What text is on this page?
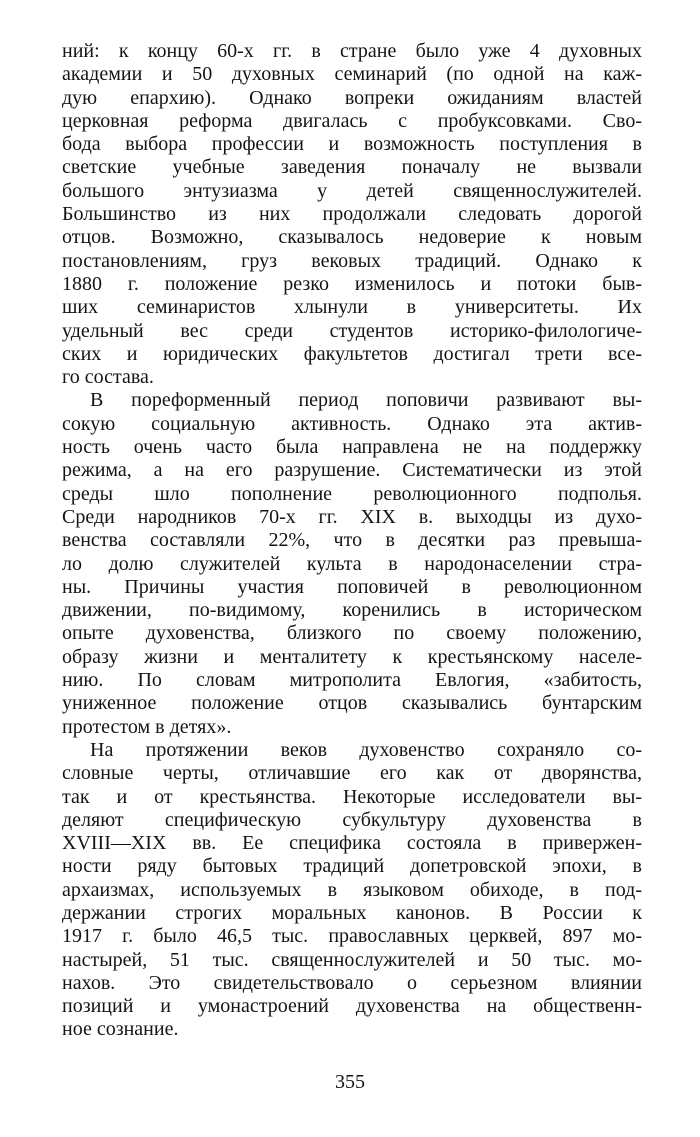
ний: к концу 60-х гг. в стране было уже 4 духовных
академии и 50 духовных семинарий (по одной на каж-
дую епархию). Однако вопреки ожиданиям властей
церковная реформа двигалась с пробуксовками. Сво-
бода выбора профессии и возможность поступления в
светские учебные заведения поначалу не вызвали
большого энтузиазма у детей священнослужителей.
Большинство из них продолжали следовать дорогой
отцов. Возможно, сказывалось недоверие к новым
постановлениям, груз вековых традиций. Однако к
1880 г. положение резко изменилось и потоки быв-
ших семинаристов хлынули в университеты. Их
удельный вес среди студентов историко-филологиче-
ских и юридических факультетов достигал трети все-
го состава.

В пореформенный период поповичи развивают вы-
сокую социальную активность. Однако эта актив-
ность очень часто была направлена не на поддержку
режима, а на его разрушение. Систематически из этой
среды шло пополнение революционного подполья.
Среди народников 70-х гг. XIX в. выходцы из духо-
венства составляли 22%, что в десятки раз превыша-
ло долю служителей культа в народонаселении стра-
ны. Причины участия поповичей в революционном
движении, по-видимому, коренились в историческом
опыте духовенства, близкого по своему положению,
образу жизни и менталитету к крестьянскому населе-
нию. По словам митрополита Евлогия, «забитость,
униженное положение отцов сказывались бунтарским
протестом в детях».

На протяжении веков духовенство сохраняло со-
словные черты, отличавшие его как от дворянства,
так и от крестьянства. Некоторые исследователи вы-
деляют специфическую субкультуру духовенства в
XVIII—XIX вв. Ее специфика состояла в привержен-
ности ряду бытовых традиций допетровской эпохи, в
архаизмах, используемых в языковом обиходе, в под-
держании строгих моральных канонов. В России к
1917 г. было 46,5 тыс. православных церквей, 897 мо-
настырей, 51 тыс. священнослужителей и 50 тыс. мо-
нахов. Это свидетельствовало о серьезном влиянии
позиций и умонастроений духовенства на общественн-
ное сознание.

355
